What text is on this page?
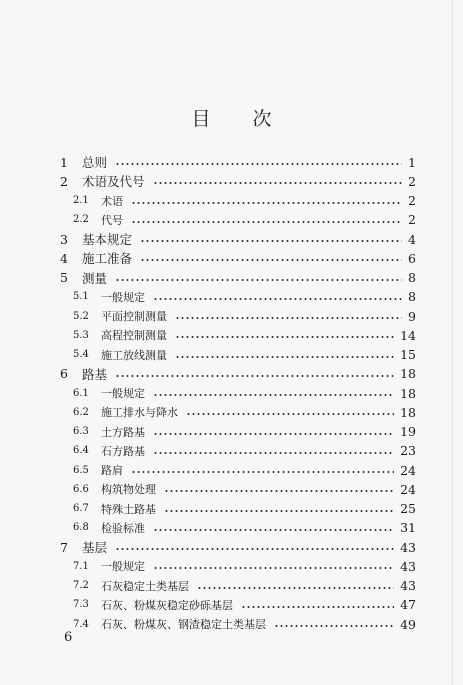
目 次
1 总则	1
2 术语及代号	2
2.1 术语	2
2.2 代号	2
3 基本规定	4
4 施工准备	6
5 测量	8
5.1 一般规定	8
5.2 平面控制测量	9
5.3 高程控制测量	14
5.4 施工放线测量	15
6 路基	18
6.1 一般规定	18
6.2 施工排水与降水	18
6.3 土方路基	19
6.4 石方路基	23
6.5 路肩	24
6.6 构筑物处理	24
6.7 特殊土路基	25
6.8 检验标准	31
7 基层	43
7.1 一般规定	43
7.2 石灰稳定土类基层	43
7.3 石灰、粉煤灰稳定砂砾基层	47
7.4 石灰、粉煤灰、钢渣稳定土类基层	49
6
